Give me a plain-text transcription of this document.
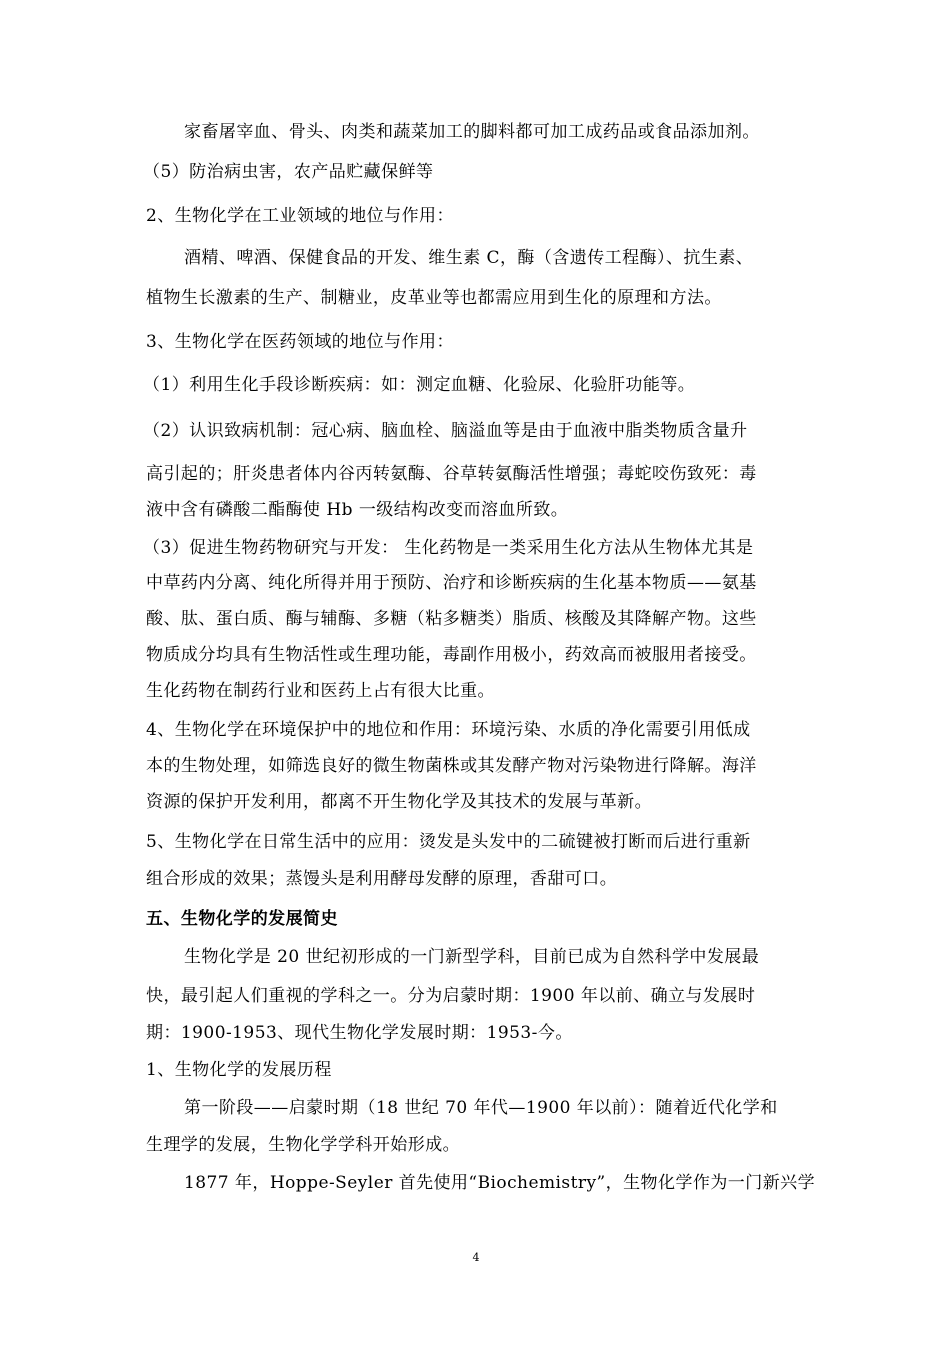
家畜屠宰血、骨头、肉类和蔬菜加工的脚料都可加工成药品或食品添加剂。
（5）防治病虫害，农产品贮藏保鲜等
2、生物化学在工业领域的地位与作用：
酒精、啤酒、保健食品的开发、维生素 C，酶（含遗传工程酶）、抗生素、
植物生长激素的生产、制糖业，皮革业等也都需应用到生化的原理和方法。
3、生物化学在医药领域的地位与作用：
（1）利用生化手段诊断疾病：如：测定血糖、化验尿、化验肝功能等。
（2）认识致病机制：冠心病、脑血栓、脑溢血等是由于血液中脂类物质含量升
高引起的；肝炎患者体内谷丙转氨酶、谷草转氨酶活性增强；毒蛇咬伤致死：毒
液中含有磷酸二酯酶使 Hb 一级结构改变而溶血所致。
（3）促进生物药物研究与开发： 生化药物是一类采用生化方法从生物体尤其是
中草药内分离、纯化所得并用于预防、治疗和诊断疾病的生化基本物质——氨基
酸、肽、蛋白质、酶与辅酶、多糖（粘多糖类）脂质、核酸及其降解产物。这些
物质成分均具有生物活性或生理功能，毒副作用极小，药效高而被服用者接受。
生化药物在制药行业和医药上占有很大比重。
4、生物化学在环境保护中的地位和作用：环境污染、水质的净化需要引用低成
本的生物处理，如筛选良好的微生物菌株或其发酵产物对污染物进行降解。海洋
资源的保护开发利用，都离不开生物化学及其技术的发展与革新。
5、生物化学在日常生活中的应用：烫发是头发中的二硫键被打断而后进行重新
组合形成的效果；蒸馒头是利用酵母发酵的原理，香甜可口。
五、生物化学的发展简史
生物化学是 20 世纪初形成的一门新型学科，目前已成为自然科学中发展最
快，最引起人们重视的学科之一。分为启蒙时期：1900 年以前、确立与发展时
期：1900-1953、现代生物化学发展时期：1953-今。
1、生物化学的发展历程
第一阶段——启蒙时期（18 世纪 70 年代—1900 年以前）：随着近代化学和
生理学的发展，生物化学学科开始形成。
1877 年，Hoppe-Seyler 首先使用“Biochemistry”，生物化学作为一门新兴学
4
